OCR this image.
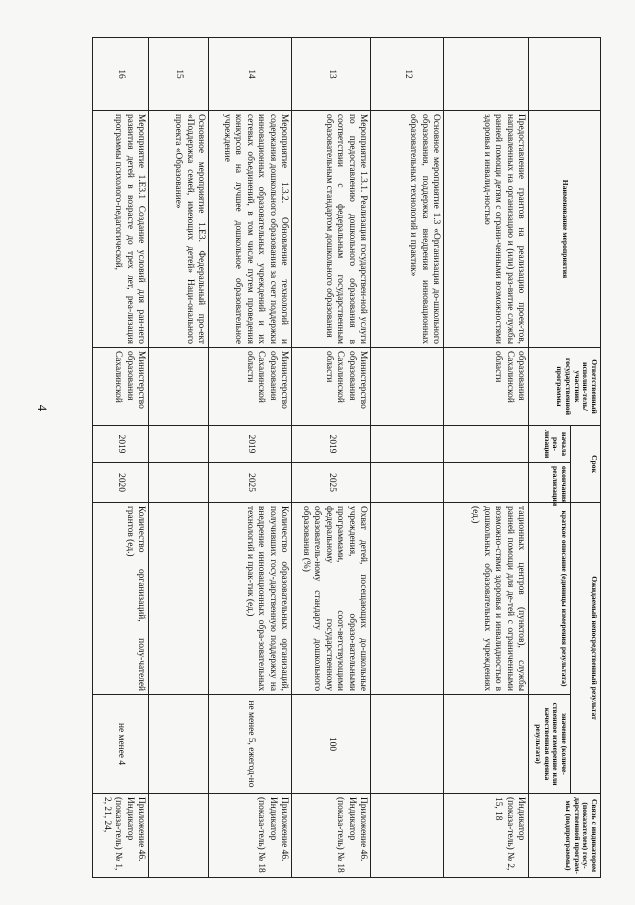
4
	Наименование мероприятия	Ответственный исполни-тель/участник государственной программы	Срок		Ожидаемый непосредственный результат		Связь с индикатором (показателем) госу-дарственной програм-мы (подпрограммы)
			начала реа-лизации	окончания реализации	краткое описание (единицы измерения результата)	значение (количе-ственное измерение или качественная оценка результата)	
	Предоставление грантов на реализацию проек-тов, направленных на организацию и (или) раз-витие службы ранней помощи детям с ограни-ченными возможностями здоровья и инвалид-ностью	образования Сахалинской области			тационных центров (пунктов), службы ранней помощи для де-тей с ограниченными возможно-стями здоровья и инвалидностью в дошкольных образовательных учреждениях (ед.)		Индикатор (показа-тель) № 2, 15, 18
12	Основное мероприятие 1.3 «Организация до-школьного образования, поддержка внедрения инновационных образовательных технологий и практик»						
13	Мероприятие 1.3.1. Реализация государствен-ной услуги по предоставлению дошкольного образования в соответствии с федеральным государственным образовательным стандартом дошкольного образования	Министерство образования Сахалинской области	2019	2025	Охват детей, посещающих до-школьные учреждения, образо-вательными программами, соот-ветствующими федеральному государственному образователь-ному стандарту дошкольного образования (%)	100	Приложение 46. Индикатор (показа-тель) № 18
14	Мероприятие 1.3.2. Обновление технологий и содержания дошкольного образования за счет поддержки инновационных образовательных учреждений и их сетевых объединений, в том числе путем проведения конкурсов на лучшее дошкольное образовательное учреждение	Министерство образования Сахалинской области	2019	2025	Количество образовательных организаций, получивших госу-дарственную поддержку на внедрение инновационных обра-зовательных технологий и прак-тик (ед.)	не менее 5, ежегод-но	Приложение 46. Индикатор (показа-тель) № 18
15	Основное мероприятие 1.Е3. Федеральный про-ект «Поддержка семей, имеющих детей» Наци-онального проекта «Образование»						
16	Мероприятие 1.Е3.1 Создание условий для ран-него развития детей в возрасте до трех лет, реа-лизация программы психолого-педагогической,	Министерство образования Сахалинской	2019	2020	Количество организаций, полу-чателей грантов (ед.)	не менее 4	Приложение 46. Индикатор (показа-тель) № 1, 2, 21, 24,
